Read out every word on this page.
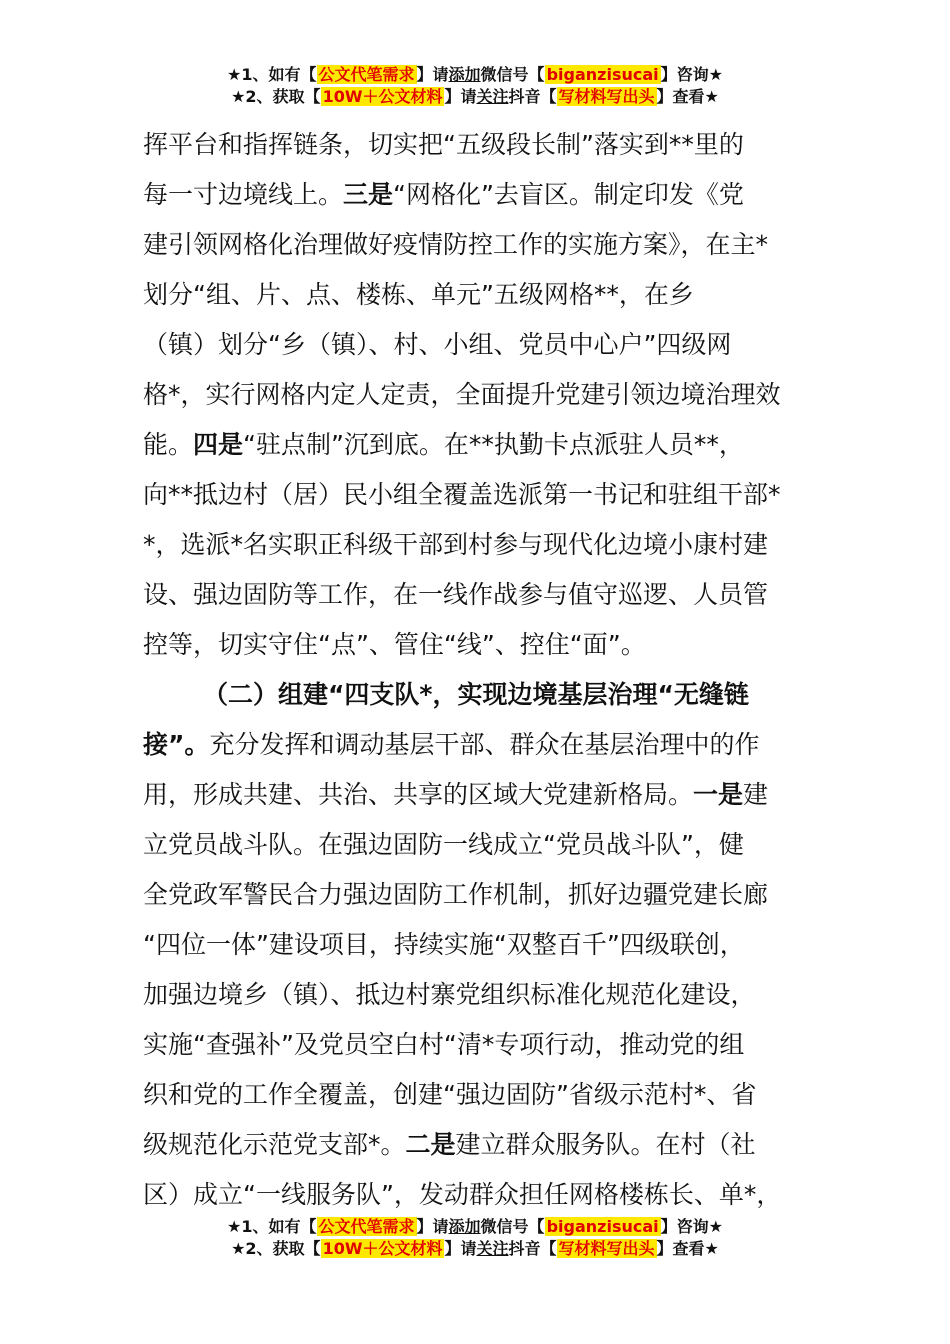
★1、如有【 公文代笔需求 】请添加微信号【 biganzisucai 】咨询★
★2、获取【 10W＋公文材料 】请关注抖音【 写材料写出头 】查看★
挥平台和指挥链条，切实把“五级段长制”落实到**里的
每一寸边境线上。三是“网格化”去盲区。制定印发《党
建引领网格化治理做好疫情防控工作的实施方案》，在主*
划分“组、片、点、楼栋、单元”五级网格**，在乡
（镇）划分“乡（镇）、村、小组、党员中心户”四级网
格*，实行网格内定人定责，全面提升党建引领边境治理效
能。四是“驻点制”沉到底。在**执勤卡点派驻人员**，
向**抵边村（居）民小组全覆盖选派第一书记和驻组干部*
*，选派*名实职正科级干部到村参与现代化边境小康村建
设、强边固防等工作，在一线作战参与值守巡逻、人员管
控等，切实守住“点”、管住“线”、控住“面”。
（二）组建“四支队*，实现边境基层治理“无缝链
接”。充分发挥和调动基层干部、群众在基层治理中的作
用，形成共建、共治、共享的区域大党建新格局。一是建
立党员战斗队。在强边固防一线成立“党员战斗队”，健
全党政军警民合力强边固防工作机制，抓好边疆党建长廊
“四位一体”建设项目，持续实施“双整百千”四级联创，
加强边境乡（镇）、抵边村寨党组织标准化规范化建设，
实施“查强补”及党员空白村“清*专项行动，推动党的组
织和党的工作全覆盖，创建“强边固防”省级示范村*、省
级规范化示范党支部*。二是建立群众服务队。在村（社
区）成立“一线服务队”，发动群众担任网格楼栋长、单*，
★1、如有【 公文代笔需求 】请添加微信号【 biganzisucai 】咨询★
★2、获取【 10W＋公文材料 】请关注抖音【 写材料写出头 】查看★
